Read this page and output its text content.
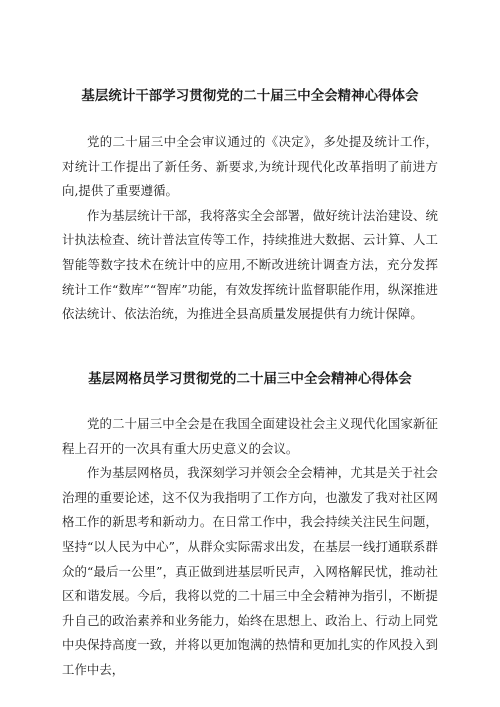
基层统计干部学习贯彻党的二十届三中全会精神心得体会

党的二十届三中全会审议通过的《决定》，多处提及统计工作，对统计工作提出了新任务、新要求,为统计现代化改革指明了前进方向,提供了重要遵循。

作为基层统计干部，我将落实全会部署，做好统计法治建设、统计执法检查、统计普法宣传等工作，持续推进大数据、云计算、人工智能等数字技术在统计中的应用,不断改进统计调查方法，充分发挥统计工作“数库”“智库”功能，有效发挥统计监督职能作用，纵深推进依法统计、依法治统，为推进全县高质量发展提供有力统计保障。

基层网格员学习贯彻党的二十届三中全会精神心得体会

党的二十届三中全会是在我国全面建设社会主义现代化国家新征程上召开的一次具有重大历史意义的会议。

作为基层网格员，我深刻学习并领会全会精神，尤其是关于社会治理的重要论述，这不仅为我指明了工作方向，也激发了我对社区网格工作的新思考和新动力。在日常工作中，我会持续关注民生问题，坚持“以人民为中心”，从群众实际需求出发，在基层一线打通联系群众的“最后一公里”，真正做到进基层听民声，入网格解民忧，推动社区和谐发展。今后，我将以党的二十届三中全会精神为指引，不断提升自己的政治素养和业务能力，始终在思想上、政治上、行动上同党中央保持高度一致，并将以更加饱满的热情和更加扎实的作风投入到工作中去，
